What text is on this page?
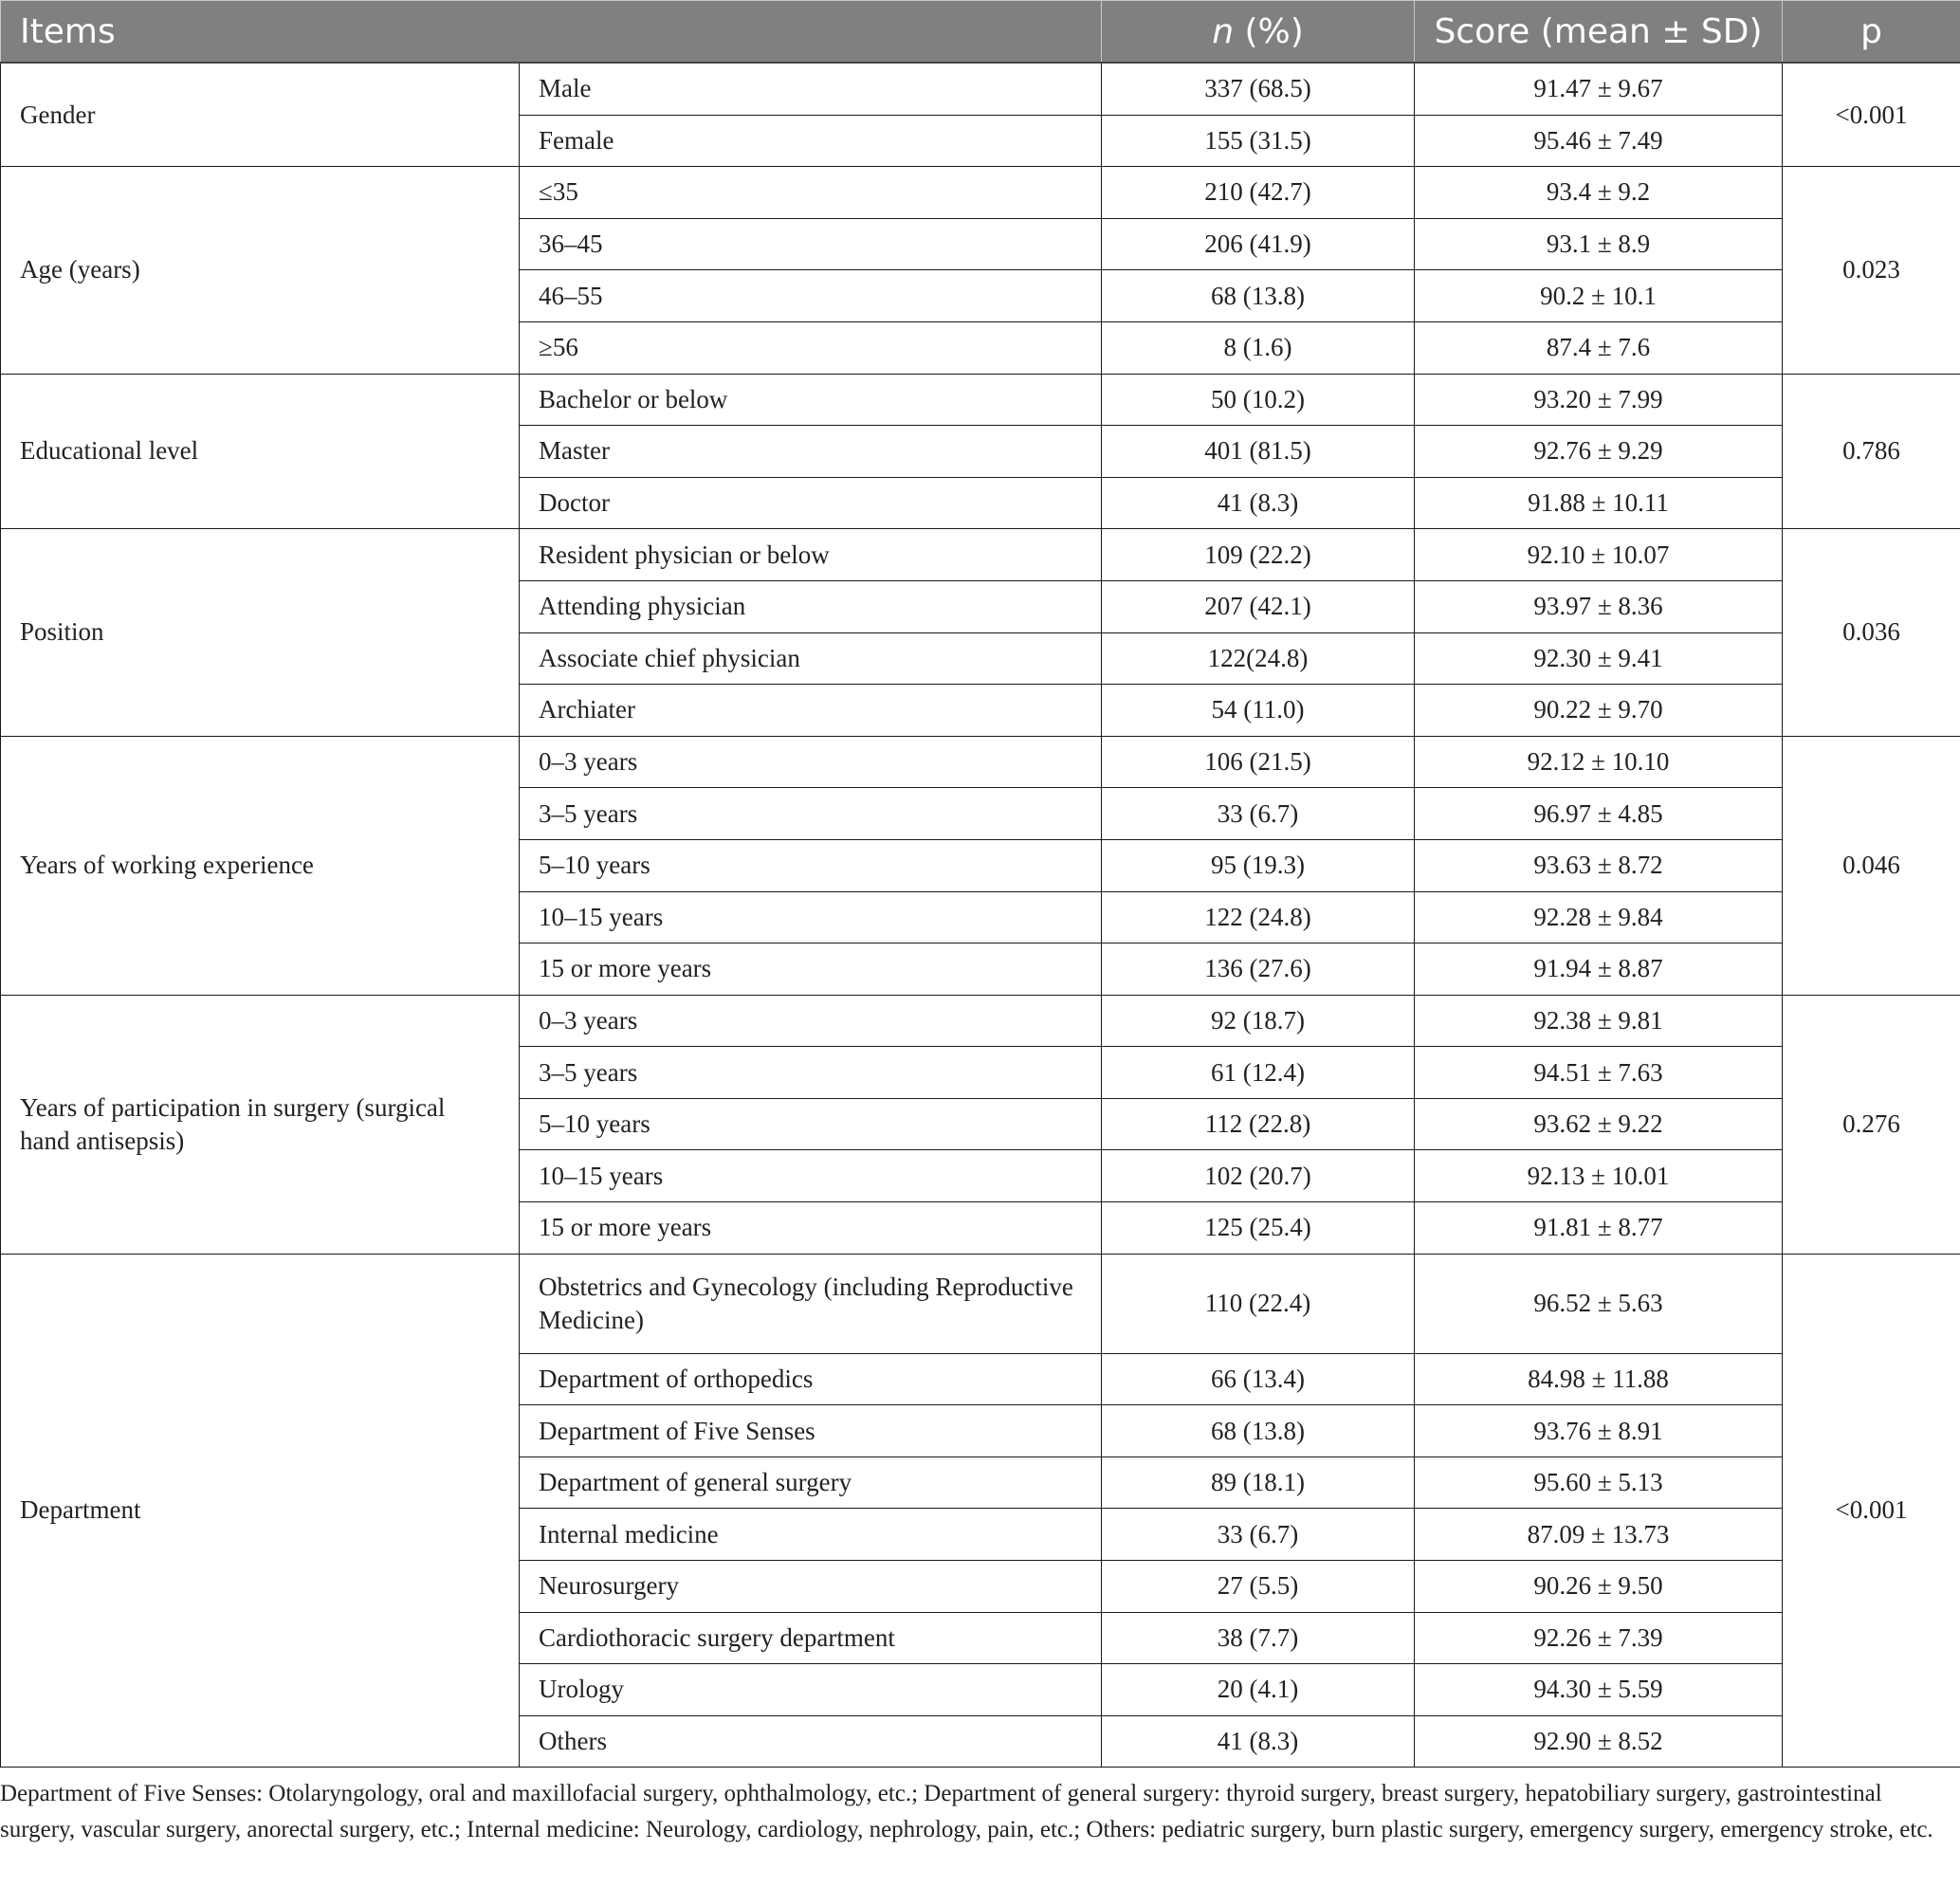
Items		n (%)	Score (mean ± SD)	p
Gender	Male	337 (68.5)	91.47 ± 9.67	<0.001
	Female	155 (31.5)	95.46 ± 7.49	
Age (years)	≤35	210 (42.7)	93.4 ± 9.2	0.023
	36–45	206 (41.9)	93.1 ± 8.9	
	46–55	68 (13.8)	90.2 ± 10.1	
	≥56	8 (1.6)	87.4 ± 7.6	
Educational level	Bachelor or below	50 (10.2)	93.20 ± 7.99	0.786
	Master	401 (81.5)	92.76 ± 9.29	
	Doctor	41 (8.3)	91.88 ± 10.11	
Position	Resident physician or below	109 (22.2)	92.10 ± 10.07	0.036
	Attending physician	207 (42.1)	93.97 ± 8.36	
	Associate chief physician	122(24.8)	92.30 ± 9.41	
	Archiater	54 (11.0)	90.22 ± 9.70	
Years of working experience	0–3 years	106 (21.5)	92.12 ± 10.10	0.046
	3–5 years	33 (6.7)	96.97 ± 4.85	
	5–10 years	95 (19.3)	93.63 ± 8.72	
	10–15 years	122 (24.8)	92.28 ± 9.84	
	15 or more years	136 (27.6)	91.94 ± 8.87	
Years of participation in surgery (surgical hand antisepsis)	0–3 years	92 (18.7)	92.38 ± 9.81	0.276
	3–5 years	61 (12.4)	94.51 ± 7.63	
	5–10 years	112 (22.8)	93.62 ± 9.22	
	10–15 years	102 (20.7)	92.13 ± 10.01	
	15 or more years	125 (25.4)	91.81 ± 8.77	
Department	Obstetrics and Gynecology (including Reproductive Medicine)	110 (22.4)	96.52 ± 5.63	<0.001
	Department of orthopedics	66 (13.4)	84.98 ± 11.88	
	Department of Five Senses	68 (13.8)	93.76 ± 8.91	
	Department of general surgery	89 (18.1)	95.60 ± 5.13	
	Internal medicine	33 (6.7)	87.09 ± 13.73	
	Neurosurgery	27 (5.5)	90.26 ± 9.50	
	Cardiothoracic surgery department	38 (7.7)	92.26 ± 7.39	
	Urology	20 (4.1)	94.30 ± 5.59	
	Others	41 (8.3)	92.90 ± 8.52	
Department of Five Senses: Otolaryngology, oral and maxillofacial surgery, ophthalmology, etc.; Department of general surgery: thyroid surgery, breast surgery, hepatobiliary surgery, gastrointestinal surgery, vascular surgery, anorectal surgery, etc.; Internal medicine: Neurology, cardiology, nephrology, pain, etc.; Others: pediatric surgery, burn plastic surgery, emergency surgery, emergency stroke, etc.
